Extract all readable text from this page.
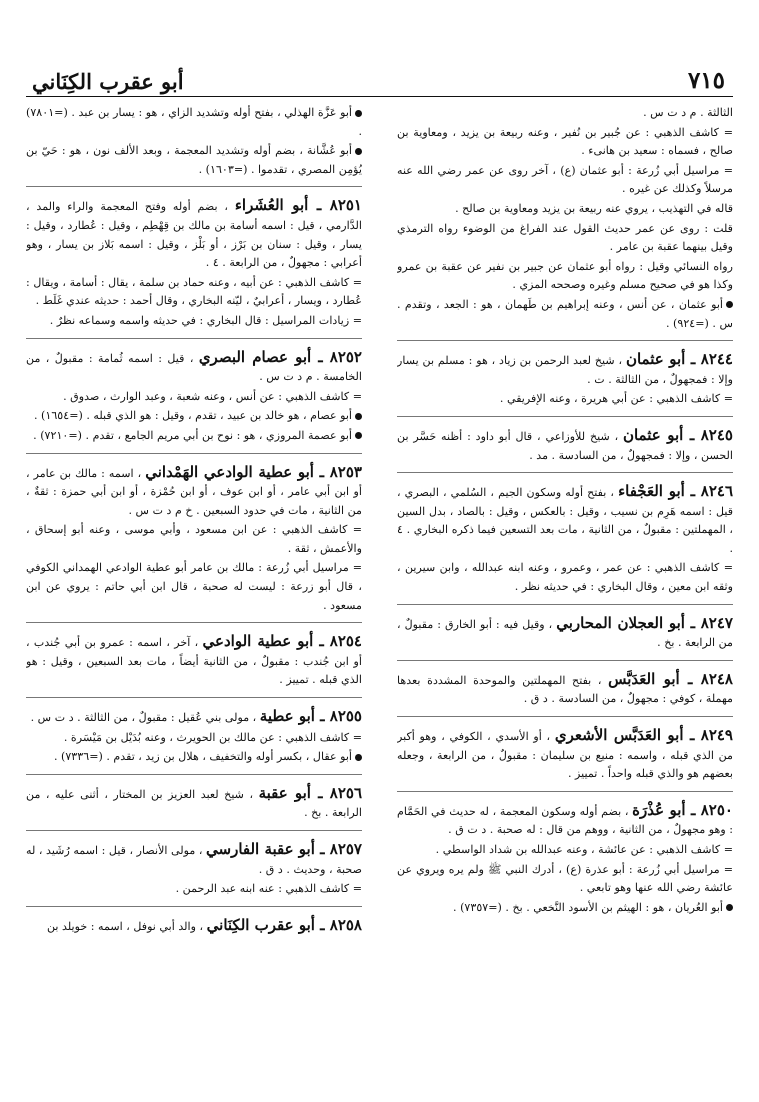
٧١٥
أبو عقرب الكِنَاني

الثالثة . م د ت س .

= كاشف الذهبي : عن جُبير بن نُفير ، وعنه ربيعة بن يزيد ، ومعاوية بن صالح ، فسماه : سعيد بن هانىء .

= مراسيل أبي زُرعة : أبو عثمان (ع) ، آخر روى عن عمر رضي الله عنه مرسلاً وكذلك عن غيره .

قاله في التهذيب ، يروي عنه ربيعة بن يزيد ومعاوية بن صالح .

قلت : روى عن عمر حديث القول عند الفراغ من الوضوء رواه الترمذي وقيل بينهما عقبة بن عامر .

رواه النسائي وقيل : رواه أبو عثمان عن جبير بن نفير عن عقبة بن عمرو وكذا هو في صحيح مسلم وغيره وصححه المزي .

أبو عثمان ، عن أنس ، وعنه إبراهيم بن طَهمان ، هو : الجعد ، وتقدم . س . (=٩٢٤) .

٨٢٤٤ ـ أبو عثمان ، شيخ لعبد الرحمن بن زياد ، هو : مسلم بن يسار وإلا : فمجهولٌ ، من الثالثة . ت .

= كاشف الذهبي : عن أبي هريرة ، وعنه الإفريقي .

٨٢٤٥ ـ أبو عثمان ، شيخ للأوزاعي ، قال أبو داود : أظنه حَسَّر بن الحسن ، وإلا : فمجهولٌ ، من السادسة . مد .

٨٢٤٦ ـ أبو العَجْفاء ، بفتح أوله وسكون الجيم ، السُلمي ، البصري ، قيل : اسمه هَرِم بن نسيب ، وقيل : بالعكس ، وقيل : بالصاد ، بدل السين ، المهملتين : مقبولٌ ، من الثانية ، مات بعد التسعين فيما ذكره البخاري . ٤ .

= كاشف الذهبي : عن عمر ، وعمرو ، وعنه ابنه عبدالله ، وابن سيرين ، وثقه ابن معين ، وقال البخاري : في حديثه نظر .

٨٢٤٧ ـ أبو العجلان المحاربي ، وقيل فيه : أبو الخارق : مقبولٌ ، من الرابعة . بخ .

٨٢٤٨ ـ أبو العَدَبَّس ، بفتح المهملتين والموحدة المشددة بعدها مهملة ، كوفي : مجهولٌ ، من السادسة . د ق .

٨٢٤٩ ـ أبو العَدَبَّس الأشعري ، أو الأسدي ، الكوفي ، وهو أكبر من الذي قبله ، واسمه : منيع بن سليمان : مقبولٌ ، من الرابعة ، وجعله بعضهم هو والذي قبله واحداً . تمييز .

٨٢٥٠ ـ أبو عُذْرَة ، بضم أوله وسكون المعجمة ، له حديث في الحَمَّام : وهو مجهولٌ ، من الثانية ، ووهم من قال : له صحبة . د ت ق .

= كاشف الذهبي : عن عائشة ، وعنه عبدالله بن شداد الواسطي .

= مراسيل أبي زُرعة : أبو عذرة (ع) ، أدرك النبي ﷺ ولم يره ويروي عن عائشة رضي الله عنها وهو تابعي .

أبو العُريان ، هو : الهيثم بن الأسود النَّخعي . بخ . (=٧٣٥٧) .

أبو عَزَّة الهذلي ، بفتح أوله وتشديد الزاي ، هو : يسار بن عبد . (=٧٨٠١) .

أبو عُشَّانة ، بضم أوله وتشديد المعجمة ، وبعد الألف نون ، هو : حَيّ بن يُؤمِن المصري ، تقدموا . (=١٦٠٣) .

٨٢٥١ ـ أبو العُشَراء ، بضم أوله وفتح المعجمة والراء والمد ، الدَّارمي ، قيل : اسمه أسامة بن مالك بن قِهْطِم ، وقيل : عُطارد ، وقيل : يسار ، وقيل : سنان بن بَرْز ، أو بَلْز ، وقيل : اسمه بَلاز بن يسار ، وهو أعرابي : مجهولٌ ، من الرابعة . ٤ .

= كاشف الذهبي : عن أبيه ، وعنه حماد بن سلمة ، يقال : أسامة ، ويقال : عُطارد ، ويسار ، أعرابيٌ ، ليّنه البخاري ، وقال أحمد : حديثه عندي غَلَط .

= زيادات المراسيل : قال البخاري : في حديثه واسمه وسماعه نظرٌ .

٨٢٥٢ ـ أبو عصام البصري ، قيل : اسمه ثُمامة : مقبولٌ ، من الخامسة . م د ت س .

= كاشف الذهبي : عن أنس ، وعنه شعبة ، وعبد الوارث ، صدوق .

أبو عصام ، هو خالد بن عبيد ، تقدم ، وقيل : هو الذي قبله . (=١٦٥٤) .

أبو عصمة المروزي ، هو : نوح بن أبي مريم الجامع ، تقدم . (=٧٢١٠) .

٨٢٥٣ ـ أبو عطية الوادعي الهَمْداني ، اسمه : مالك بن عامر ، أو ابن أبي عامر ، أو ابن عوف ، أو ابن حُمْزة ، أو ابن أبي حمزة : ثقةٌ ، من الثانية ، مات في حدود السبعين . خ م د ت س .

= كاشف الذهبي : عن ابن مسعود ، وأبي موسى ، وعنه أبو إسحاق ، والأعمش ، ثقة .

= مراسيل أبي زُرعة : مالك بن عامر أبو عطية الوادعي الهمداني الكوفي ، قال أبو زرعة : ليست له صحبة ، قال ابن أبي حاتم : يروي عن ابن مسعود .

٨٢٥٤ ـ أبو عطية الوادعي ، آخر ، اسمه : عمرو بن أبي جُندب ، أو ابن جُندب : مقبولٌ ، من الثانية أيضاً ، مات بعد السبعين ، وقيل : هو الذي قبله . تمييز .

٨٢٥٥ ـ أبو عطية ، مولى بني عُقيل : مقبولٌ ، من الثالثة . د ت س .

= كاشف الذهبي : عن مالك بن الحويرث ، وعنه بُدَيْل بن مَيْسَرة .

أبو عقال ، بكسر أوله والتخفيف ، هلال بن زيد ، تقدم . (=٧٣٣٦) .

٨٢٥٦ ـ أبو عقبة ، شيخ لعبد العزيز بن المختار ، أثنى عليه ، من الرابعة . بخ .

٨٢٥٧ ـ أبو عقبة الفارسي ، مولى الأنصار ، قيل : اسمه رُشَيد ، له صحبة ، وحديث . د ق .

= كاشف الذهبي : عنه ابنه عبد الرحمن .

٨٢٥٨ ـ أبو عقرب الكِنَاني ، والد أبي نوفل ، اسمه : خويلد بن
